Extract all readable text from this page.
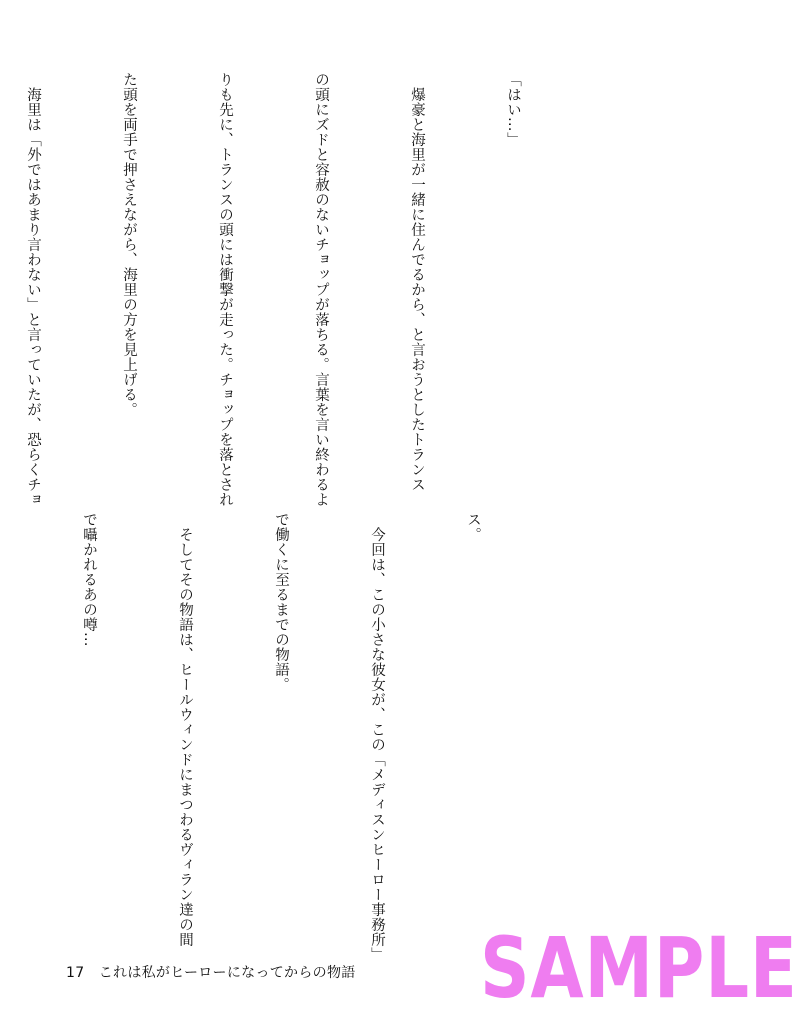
「はい…」

　爆豪と海里が一緒に住んでるから、と言おうとしたトランス

の頭にズドと容赦のないチョップが落ちる。言葉を言い終わるよ

りも先に、トランスの頭には衝撃が走った。チョップを落とされ

た頭を両手で押さえながら、海里の方を見上げる。

　海里は「外ではあまり言わない」と言っていたが、恐らくチョ

ス。

　今回は、この小さな彼女が、この「メディスンヒーロー事務所」

で働くに至るまでの物語。

　そしてその物語は、ヒールウィンドにまつわるヴィラン達の間

で囁かれるあの噂…

17　これは私がヒーローになってからの物語 SAMPLE
